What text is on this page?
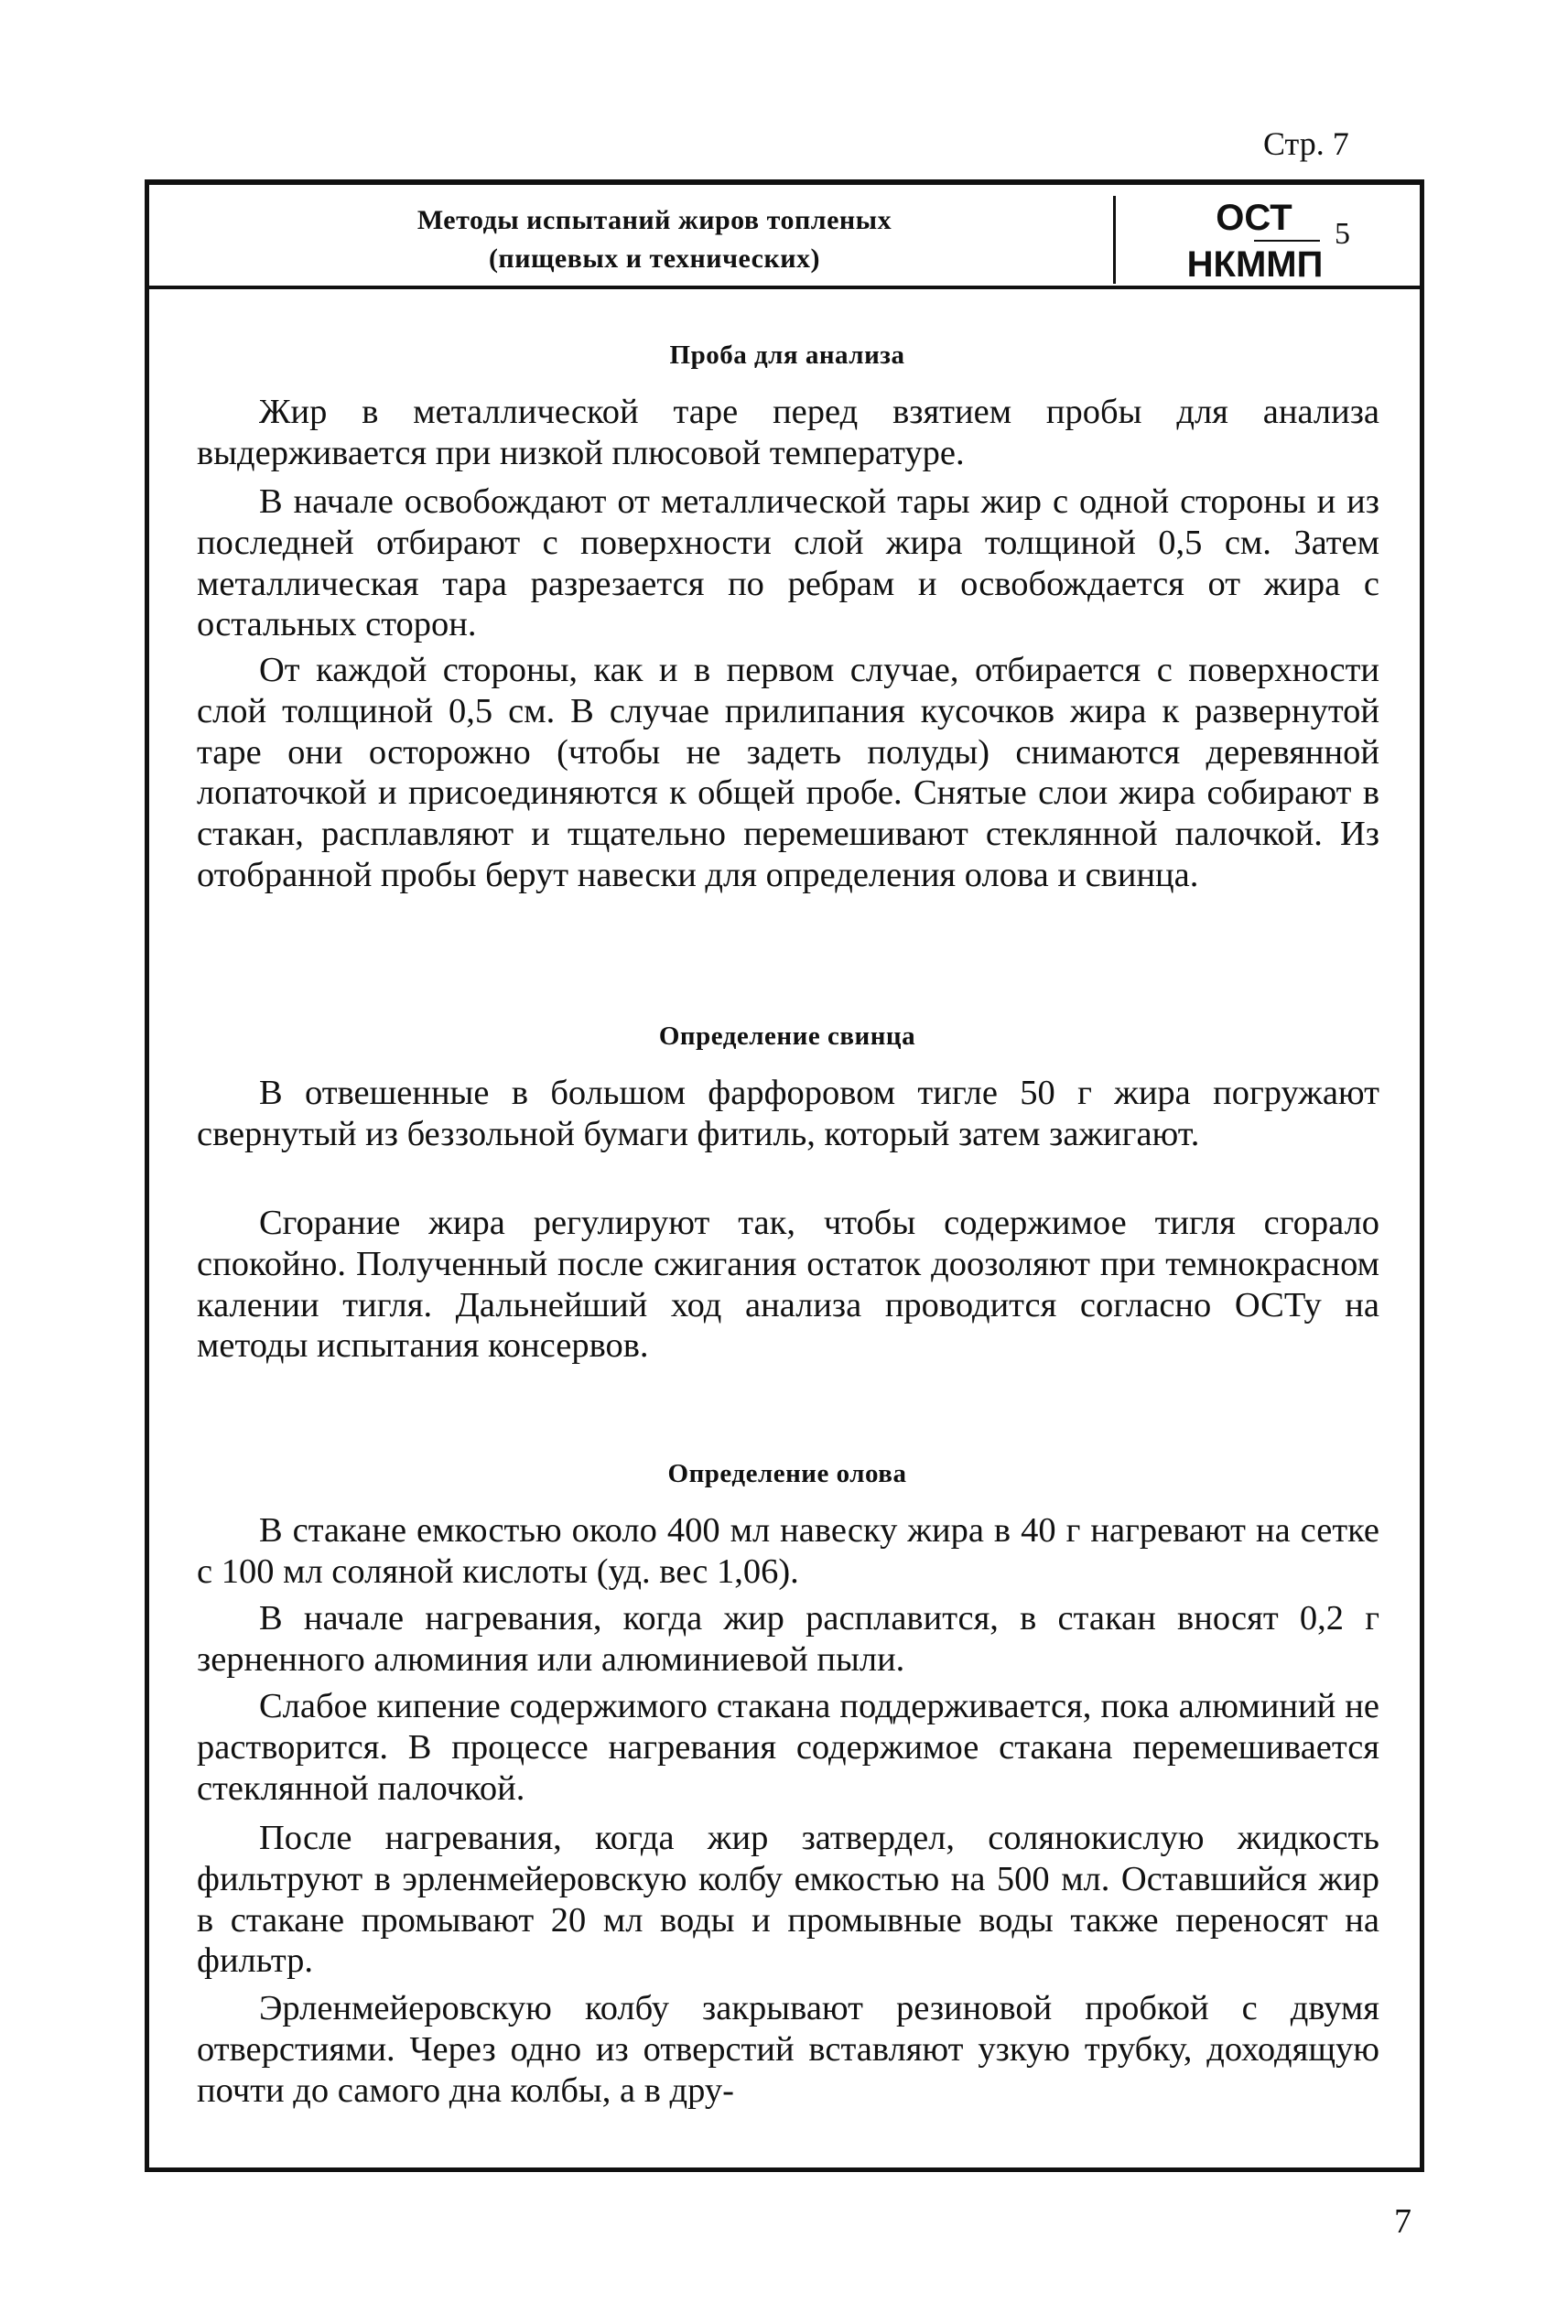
Стр. 7
Методы испытаний жиров топленых
(пищевых и технических)
ОСТ	5
НКММП
Проба для анализа
Жир в металлической таре перед взятием пробы для анализа выдерживается при низкой плюсовой температуре.
В начале освобождают от металлической тары жир с одной стороны и из последней отбирают с поверхности слой жира толщиной 0,5 см. Затем металлическая тара разрезается по ребрам и освобождается от жира с остальных сторон.
От каждой стороны, как и в первом случае, отбирается с поверхности слой толщиной 0,5 см. В случае прилипания кусочков жира к развернутой таре они осторожно (чтобы не задеть полуды) снимаются деревянной лопаточкой и присоединяются к общей пробе. Снятые слои жира собирают в стакан, расплавляют и тщательно перемешивают стеклянной палочкой. Из отобранной пробы берут навески для определения олова и свинца.
Определение свинца
В отвешенные в большом фарфоровом тигле 50 г жира погружают свернутый из беззольной бумаги фитиль, который затем зажигают.
Сгорание жира регулируют так, чтобы содержимое тигля сгорало спокойно. Полученный после сжигания остаток доозоляют при темнокрасном калении тигля. Дальнейший ход анализа проводится согласно ОСТу на методы испытания консервов.
Определение олова
В стакане емкостью около 400 мл навеску жира в 40 г нагревают на сетке с 100 мл соляной кислоты (уд. вес 1,06).
В начале нагревания, когда жир расплавится, в стакан вносят 0,2 г зерненного алюминия или алюминиевой пыли.
Слабое кипение содержимого стакана поддерживается, пока алюминий не растворится. В процессе нагревания содержимое стакана перемешивается стеклянной палочкой.
После нагревания, когда жир затвердел, солянокислую жидкость фильтруют в эрленмейеровскую колбу емкостью на 500 мл. Оставшийся жир в стакане промывают 20 мл воды и промывные воды также переносят на фильтр.
Эрленмейеровскую колбу закрывают резиновой пробкой с двумя отверстиями. Через одно из отверстий вставляют узкую трубку, доходящую почти до самого дна колбы, а в дру-
7
